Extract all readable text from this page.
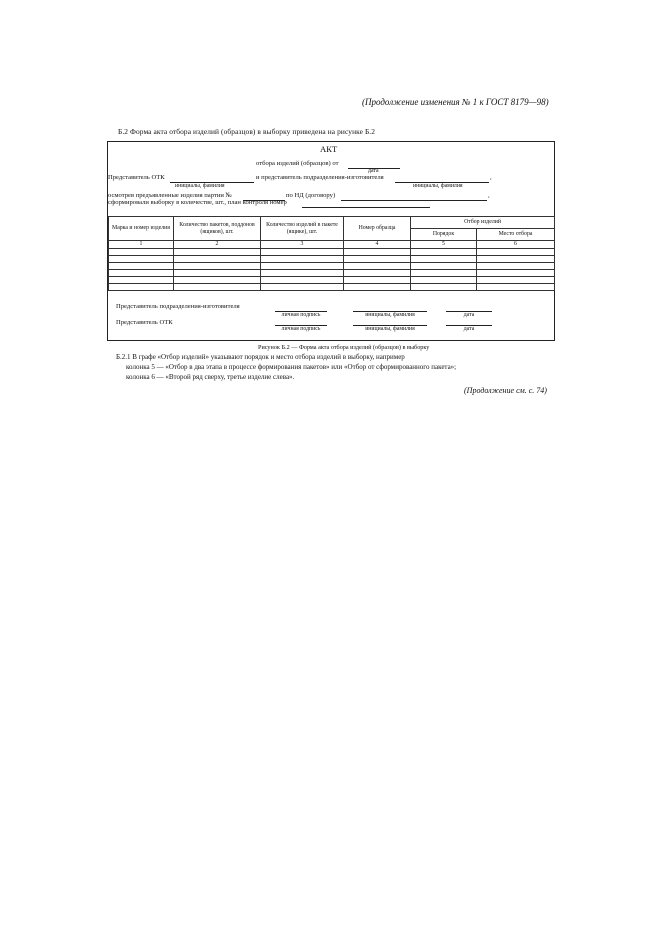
(Продолжение изменения № 1 к ГОСТ 8179—98)
Б.2 Форма акта отбора изделий (образцов) в выборку приведена на рисунке Б.2
АКТ
отбора изделий (образцов) от
дата
Представитель ОТК	и представитель подразделения-изготовителя	,
инициалы, фамилия	инициалы, фамилия
осмотрев предъявленные изделия партии №	по НД (договору)	,
сформировали выборку в количестве, шт., план контроля номер
Марка и номер изделия	Количество пакетов, поддонов (ящиков), шт.	Количество изделий в пакете (ящике), шт.	Номер образца	Отбор изделий	
				Порядок	Место отбора
1	2	3	4	5	6

Представитель подразделения-изготовителя
личная подпись	инициалы, фамилия	дата
Представитель ОТК
личная подпись	инициалы, фамилия	дата
Рисунок Б.2 — Форма акта отбора изделий (образцов) в выборку
Б.2.1 В графе «Отбор изделий» указывают порядок и место отбора изделий в выборку, например
колонка 5 — «Отбор в два этапа в процессе формирования пакетов» или «Отбор от сформированного пакета»;
колонка 6 — «Второй ряд сверху, третье изделие слева».
(Продолжение см. с. 74)
